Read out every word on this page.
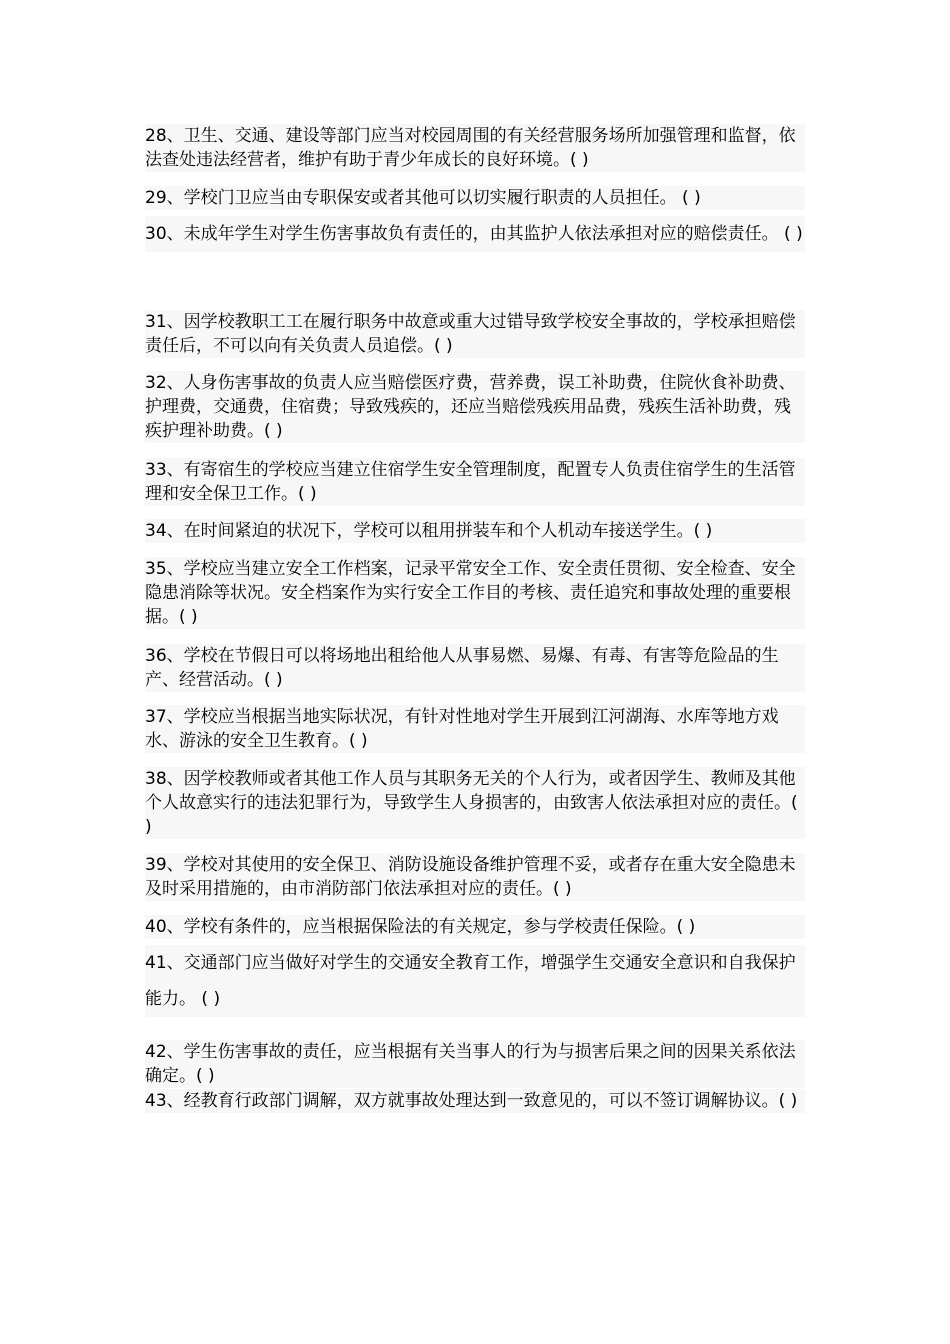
28、卫生、交通、建设等部门应当对校园周围的有关经营服务场所加强管理和监督，依法查处违法经营者，维护有助于青少年成长的良好环境。( )
29、学校门卫应当由专职保安或者其他可以切实履行职责的人员担任。 ( )
30、未成年学生对学生伤害事故负有责任的，由其监护人依法承担对应的赔偿责任。 ( )
31、因学校教职工工在履行职务中故意或重大过错导致学校安全事故的，学校承担赔偿责任后，不可以向有关负责人员追偿。( )
32、人身伤害事故的负责人应当赔偿医疗费，营养费，误工补助费，住院伙食补助费、护理费，交通费，住宿费；导致残疾的，还应当赔偿残疾用品费，残疾生活补助费，残疾护理补助费。( )
33、有寄宿生的学校应当建立住宿学生安全管理制度，配置专人负责住宿学生的生活管理和安全保卫工作。( )
34、在时间紧迫的状况下，学校可以租用拼装车和个人机动车接送学生。( )
35、学校应当建立安全工作档案，记录平常安全工作、安全责任贯彻、安全检查、安全隐患消除等状况。安全档案作为实行安全工作目的考核、责任追究和事故处理的重要根据。( )
36、学校在节假日可以将场地出租给他人从事易燃、易爆、有毒、有害等危险品的生产、经营活动。( )
37、学校应当根据当地实际状况，有针对性地对学生开展到江河湖海、水库等地方戏水、游泳的安全卫生教育。( )
38、因学校教师或者其他工作人员与其职务无关的个人行为，或者因学生、教师及其他个人故意实行的违法犯罪行为，导致学生人身损害的，由致害人依法承担对应的责任。( )
39、学校对其使用的安全保卫、消防设施设备维护管理不妥，或者存在重大安全隐患未及时采用措施的，由市消防部门依法承担对应的责任。( )
40、学校有条件的，应当根据保险法的有关规定，参与学校责任保险。( )
41、交通部门应当做好对学生的交通安全教育工作，增强学生交通安全意识和自我保护能力。 ( )
42、学生伤害事故的责任，应当根据有关当事人的行为与损害后果之间的因果关系依法确定。( )
43、经教育行政部门调解，双方就事故处理达到一致意见的，可以不签订调解协议。( )
